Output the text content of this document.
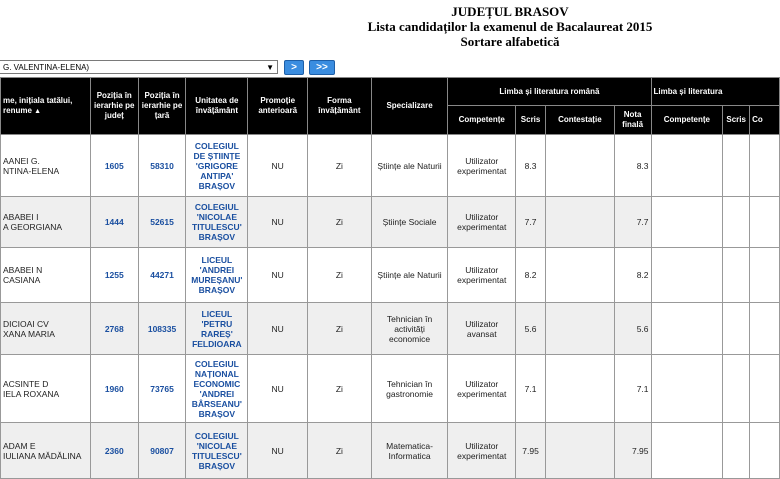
JUDEȚUL BRASOV
Lista candidaților la examenul de Bacalaureat 2015
Sortare alfabetică
G. VALENTINA-ELENA)	▼	>	>>
me, inițiala tatălui, renume ▲	Poziția în ierarhie pe județ	Poziția în ierarhie pe țară	Unitatea de învățământ	Promoție anterioară	Forma învățământ	Specializare	Limba și literatura română				Limba și literatura		
							Competențe	Scris	Contestație	Nota finală	Competențe	Scris	Co

AANEI G.
NTINA-ELENA	1605	58310	COLEGIUL DE ȘTIINȚE 'GRIGORE ANTIPA' BRAȘOV	NU	Zi	Științe ale Naturii	Utilizator experimentat	8.3		8.3			

ABABEI I
A GEORGIANA	1444	52615	COLEGIUL 'NICOLAE TITULESCU' BRAȘOV	NU	Zi	Științe Sociale	Utilizator experimentat	7.7		7.7			

ABABEI N
CASIANA	1255	44271	LICEUL 'ANDREI MUREȘANU' BRAȘOV	NU	Zi	Științe ale Naturii	Utilizator experimentat	8.2		8.2			

DICIOAI CV
XANA MARIA	2768	108335	LICEUL 'PETRU RAREȘ' FELDIOARA	NU	Zi	Tehnician în activități economice	Utilizator avansat	5.6		5.6			

ACSINTE D
IELA ROXANA	1960	73765	COLEGIUL NAȚIONAL ECONOMIC 'ANDREI BÂRSEANU' BRAȘOV	NU	Zi	Tehnician în gastronomie	Utilizator experimentat	7.1		7.1			

ADAM E
IULIANA MĂDĂLINA	2360	90807	COLEGIUL 'NICOLAE TITULESCU' BRAȘOV	NU	Zi	Matematica-Informatica	Utilizator experimentat	7.95		7.95			
